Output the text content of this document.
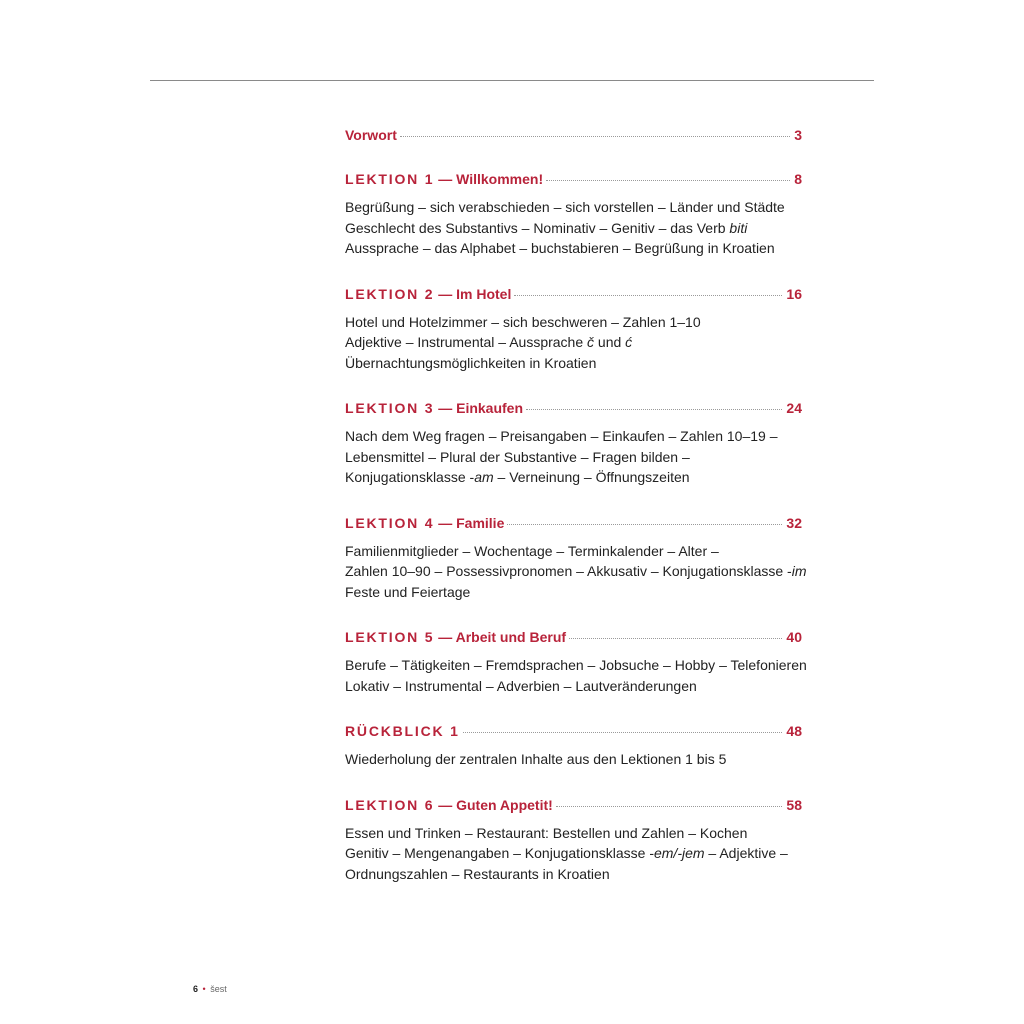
Vorwort	3
LEKTION 1 — Willkommen!	8
Begrüßung – sich verabschieden – sich vorstellen – Länder und Städte
Geschlecht des Substantivs – Nominativ – Genitiv – das Verb biti
Aussprache – das Alphabet – buchstabieren – Begrüßung in Kroatien
LEKTION 2 — Im Hotel	16
Hotel und Hotelzimmer – sich beschweren – Zahlen 1–10
Adjektive – Instrumental – Aussprache č und ć
Übernachtungsmöglichkeiten in Kroatien
LEKTION 3 — Einkaufen	24
Nach dem Weg fragen – Preisangaben – Einkaufen – Zahlen 10–19 –
Lebensmittel – Plural der Substantive – Fragen bilden –
Konjugationsklasse -am – Verneinung – Öffnungszeiten
LEKTION 4 — Familie	32
Familienmitglieder – Wochentage – Terminkalender – Alter –
Zahlen 10–90 – Possessivpronomen – Akkusativ – Konjugationsklasse -im
Feste und Feiertage
LEKTION 5 — Arbeit und Beruf	40
Berufe – Tätigkeiten – Fremdsprachen – Jobsuche – Hobby – Telefonieren
Lokativ – Instrumental – Adverbien – Lautveränderungen
RÜCKBLICK 1	48
Wiederholung der zentralen Inhalte aus den Lektionen 1 bis 5
LEKTION 6 — Guten Appetit!	58
Essen und Trinken – Restaurant: Bestellen und Zahlen – Kochen
Genitiv – Mengenangaben – Konjugationsklasse -em/-jem – Adjektive –
Ordnungszahlen – Restaurants in Kroatien
6 • šest
